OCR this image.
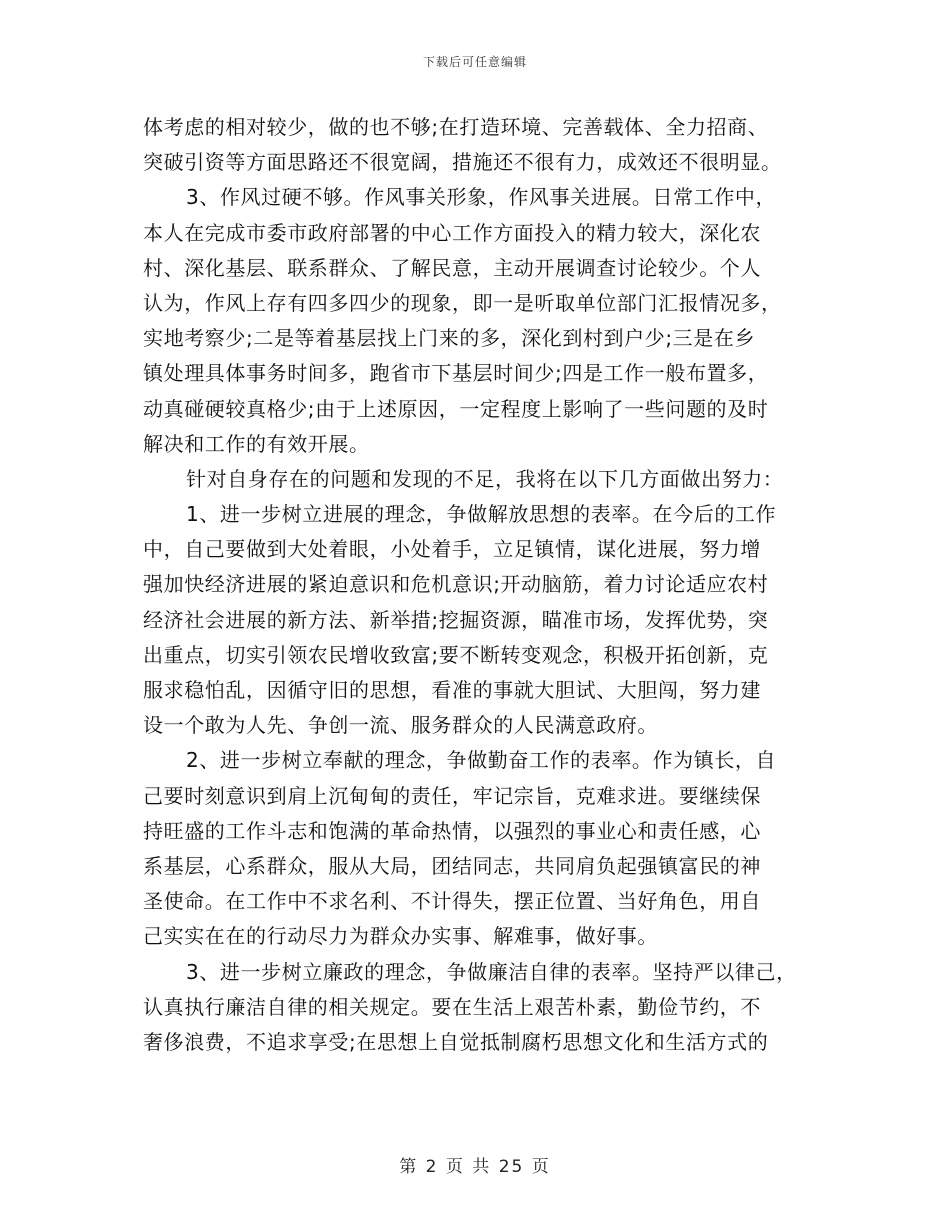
下载后可任意编辑
体考虑的相对较少，做的也不够;在打造环境、完善载体、全力招商、
突破引资等方面思路还不很宽阔，措施还不很有力，成效还不很明显。
3、作风过硬不够。作风事关形象，作风事关进展。日常工作中，
本人在完成市委市政府部署的中心工作方面投入的精力较大，深化农
村、深化基层、联系群众、了解民意，主动开展调查讨论较少。个人
认为，作风上存有四多四少的现象，即一是听取单位部门汇报情况多，
实地考察少;二是等着基层找上门来的多，深化到村到户少;三是在乡
镇处理具体事务时间多，跑省市下基层时间少;四是工作一般布置多，
动真碰硬较真格少;由于上述原因，一定程度上影响了一些问题的及时
解决和工作的有效开展。
针对自身存在的问题和发现的不足，我将在以下几方面做出努力：
1、进一步树立进展的理念，争做解放思想的表率。在今后的工作
中，自己要做到大处着眼，小处着手，立足镇情，谋化进展，努力增
强加快经济进展的紧迫意识和危机意识;开动脑筋，着力讨论适应农村
经济社会进展的新方法、新举措;挖掘资源，瞄准市场，发挥优势，突
出重点，切实引领农民增收致富;要不断转变观念，积极开拓创新，克
服求稳怕乱，因循守旧的思想，看准的事就大胆试、大胆闯，努力建
设一个敢为人先、争创一流、服务群众的人民满意政府。
2、进一步树立奉献的理念，争做勤奋工作的表率。作为镇长，自
己要时刻意识到肩上沉甸甸的责任，牢记宗旨，克难求进。要继续保
持旺盛的工作斗志和饱满的革命热情，以强烈的事业心和责任感，心
系基层，心系群众，服从大局，团结同志，共同肩负起强镇富民的神
圣使命。在工作中不求名利、不计得失，摆正位置、当好角色，用自
己实实在在的行动尽力为群众办实事、解难事，做好事。
3、进一步树立廉政的理念，争做廉洁自律的表率。坚持严以律己，
认真执行廉洁自律的相关规定。要在生活上艰苦朴素，勤俭节约，不
奢侈浪费，不追求享受;在思想上自觉抵制腐朽思想文化和生活方式的
第 2 页 共 25 页
